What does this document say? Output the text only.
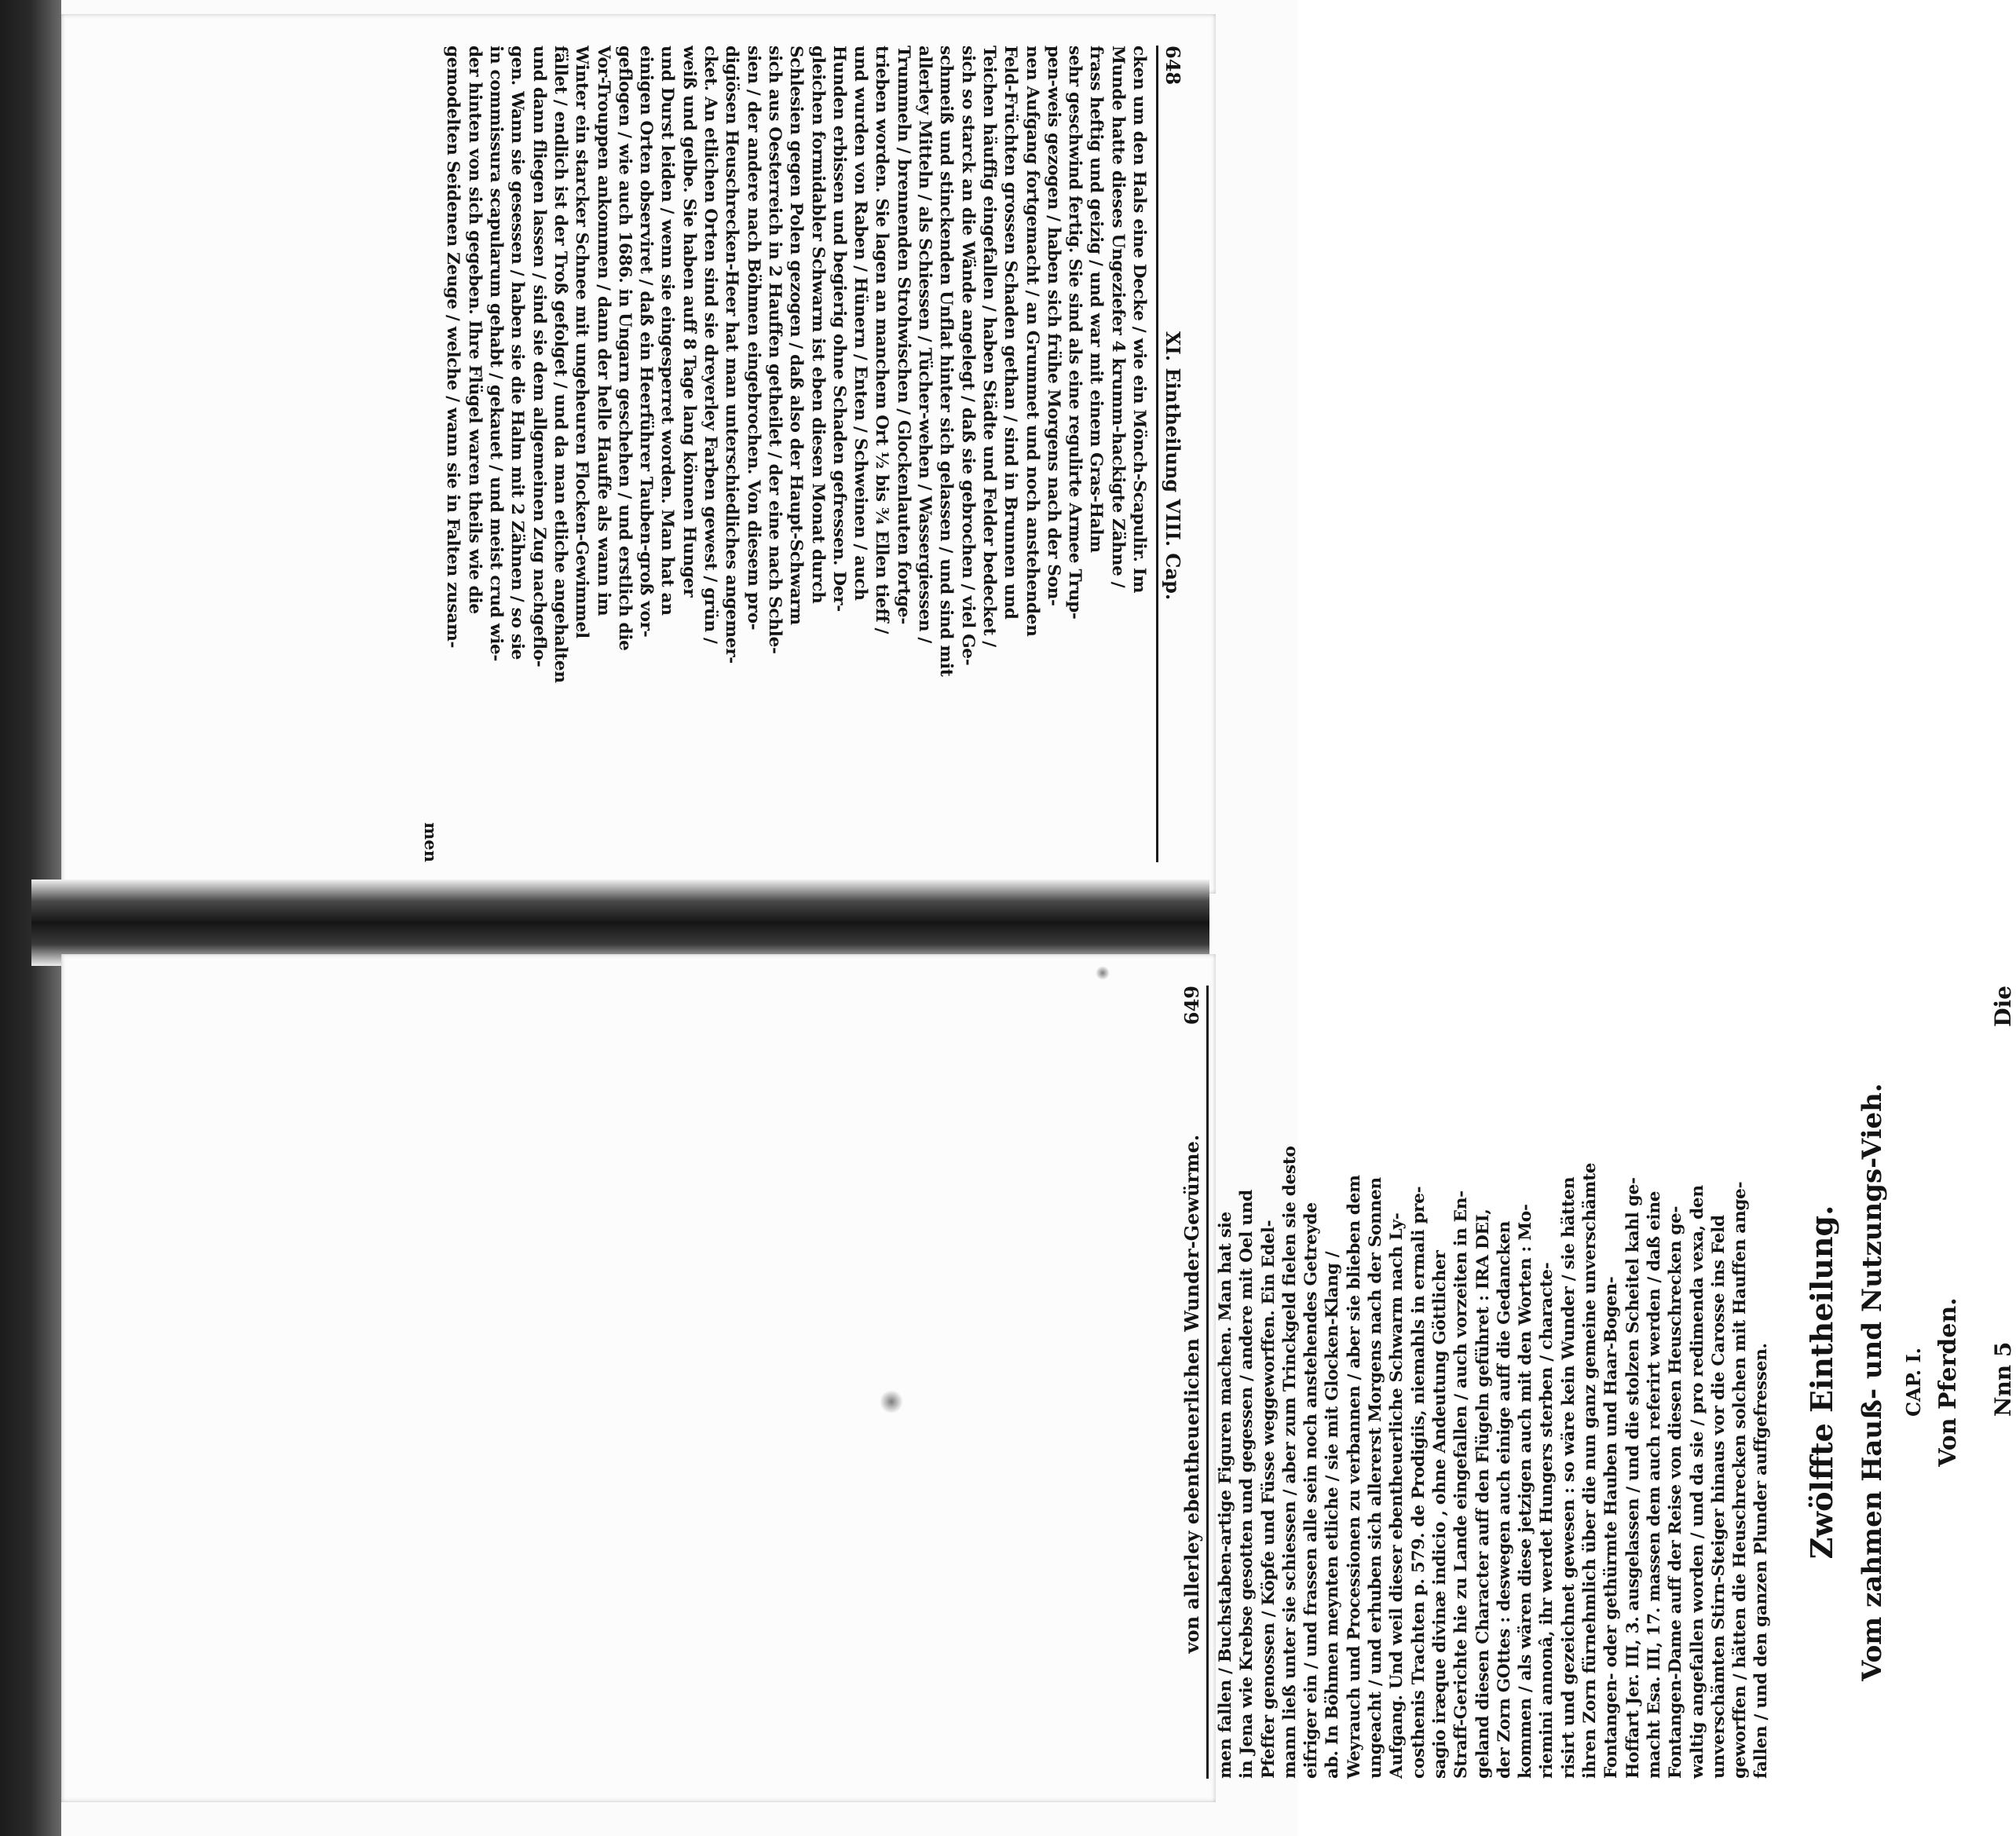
648
XI. Eintheilung VIII. Cap.
cken um den Hals eine Decke / wie ein Mönch-Scapulir. Im
Munde hatte dieses Ungeziefer 4 krumm-hackigte Zähne /
frass heftig und geizig / und war mit einem Gras-Halm
sehr geschwind fertig. Sie sind als eine regulirte Armee Trup-
pen-weis gezogen / haben sich frühe Morgens nach der Son-
nen Aufgang fortgemacht / an Grummet und noch anstehenden
Feld-Früchten grossen Schaden gethan / sind in Brunnen und
Teichen häuffig eingefallen / haben Städte und Felder bedecket /
sich so starck an die Wände angelegt / daß sie gebrochen / viel Ge-
schmeiß und stinckenden Unflat hinter sich gelassen / und sind mit
allerley Mitteln / als Schiessen / Tücher-wehen / Wassergiessen /
Trummeln / brennenden Strohwischen / Glockenlauten fortge-
trieben worden. Sie lagen an manchem Ort ½ bis ¾ Ellen tieff /
und wurden von Raben / Hünern / Enten / Schweinen / auch
Hunden erbissen und begierig ohne Schaden gefressen. Der-
gleichen formidabler Schwarm ist eben diesen Monat durch
Schlesien gegen Polen gezogen / daß also der Haupt-Schwarm
sich aus Oesterreich in 2 Hauffen getheilet / der eine nach Schle-
sien / der andere nach Böhmen eingebrochen. Von diesem pro-
digiösen Heuschrecken-Heer hat man unterschiedliches angemer-
cket. An etlichen Orten sind sie dreyerley Farben gewest / grün /
weiß und gelbe. Sie haben auff 8 Tage lang können Hunger
und Durst leiden / wenn sie eingesperret worden. Man hat an
einigen Orten observiret / daß ein Heerführer Tauben-groß vor-
geflogen / wie auch 1686. in Ungarn geschehen / und erstlich die
Vor-Trouppen ankommen / dann der helle Hauffe als wann im
Winter ein starcker Schnee mit ungeheuren Flocken-Gewimmel
fället / endlich ist der Troß gefolget / und da man etliche angehalten
und dann fliegen lassen / sind sie dem allgemeinen Zug nachgeflo-
gen. Wann sie gesessen / haben sie die Halm mit 2 Zähnen / so sie
in commissura scapularum gehabt / gekauet / und meist crud wie-
der hinten von sich gegeben. Ihre Flügel waren theils wie die
gemodelten Seidenen Zeuge / welche / wann sie in Falten zusam-
men
von allerley ebentheuerlichen Wunder-Gewürme.
649
men fallen / Buchstaben-artige Figuren machen. Man hat sie in Jena wie Krebse gesotten und gegessen / andere mit Oel und Pfeffer genossen / Köpfe und Füsse weggeworffen. Ein Edel- mann ließ unter sie schiessen / aber zum Trinckgeld fielen sie desto eifriger ein / und frassen alle sein noch anstehendes Getreyde ab. In Böhmen meynten etliche / sie mit Glocken-Klang / Weyrauch und Processionen zu verbannen / aber sie blieben dem ungeacht / und erhuben sich allererst Morgens nach der Sonnen Aufgang. Und weil dieser ebentheuerliche Schwarm nach Ly- costhenis Trachten p. 579. de Prodigiis, niemahls in ermali pre- sagio iræque divinæ indicio , ohne Andeutung Göttlicher Straff-Gerichte hie zu Lande eingefallen / auch vorzeiten in En- geland diesen Character auff den Flügeln geführet : IRA DEI, der Zorn GOttes : deswegen auch einige auff die Gedancken kommen / als wären diese jetzigen auch mit den Worten : Mo- riemini annonâ, ihr werdet Hungers sterben / characte- risirt und gezeichnet gewesen : so wäre kein Wunder / sie hätten ihren Zorn fürnehmlich über die nun ganz gemeine unverschämte Fontangen- oder gethürmte Hauben und Haar-Bogen- Hoffart Jer. III, 3. ausgelassen / und die stolzen Scheitel kahl ge- macht Esa. III, 17. massen dem auch referirt werden / daß eine Fontangen-Dame auff der Reise von diesen Heuschrecken ge- waltig angefallen worden / und da sie / pro redimenda vexa, den unverschämten Stirn-Steiger hinaus vor die Carosse ins Feld geworffen / hätten die Heuschrecken solchen mit Hauffen ange- fallen / und den ganzen Plunder auffgefressen. Zwölffte Eintheilung. Vom zahmen Hauß- und Nutzungs-Vieh. CAP. I. Von Pferden. Nnn 5
Die
